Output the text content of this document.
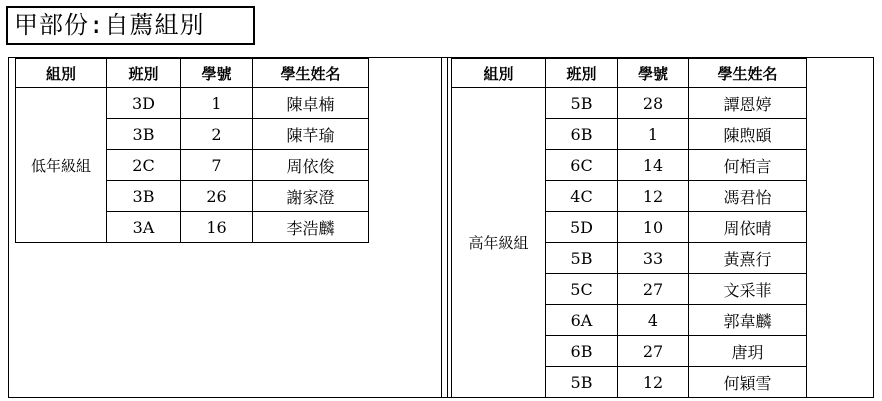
甲部份:自薦組別
組別	班別	學號	學生姓名
低年級組	3D	1	陳卓楠
	3B	2	陳芊瑜
	2C	7	周依俊
	3B	26	謝家澄
	3A	16	李浩麟
組別	班別	學號	學生姓名
高年級組	5B	28	譚恩婷
	6B	1	陳煦頤
	6C	14	何栢言
	4C	12	馮君怡
	5D	10	周依晴
	5B	33	黃熹行
	5C	27	文采菲
	6A	4	郭韋麟
	6B	27	唐玥
	5B	12	何穎雪
